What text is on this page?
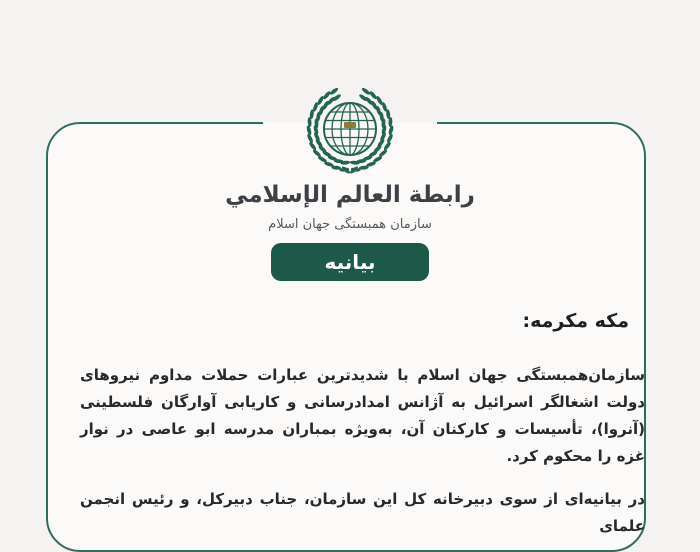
رابطة العالم الإسلامي
سازمان همبستگی جهان اسلام
بیانیه
مکه مکرمه:

سازمان‌همبستگی جهان اسلام با شدیدترین عبارات حملات مداوم نیروهای دولت اشغالگر اسرائیل به آژانس امدادرسانی و کاریابی آوارگان فلسطینی (آنروا)، تأسیسات و کارکنان آن، به‌ویژه بمباران مدرسه ابو عاصی در نوار غزه را محکوم کرد.

در بیانیه‌ای از سوی دبیرخانه کل این سازمان، جناب دبیرکل، و رئیس انجمن علمای
